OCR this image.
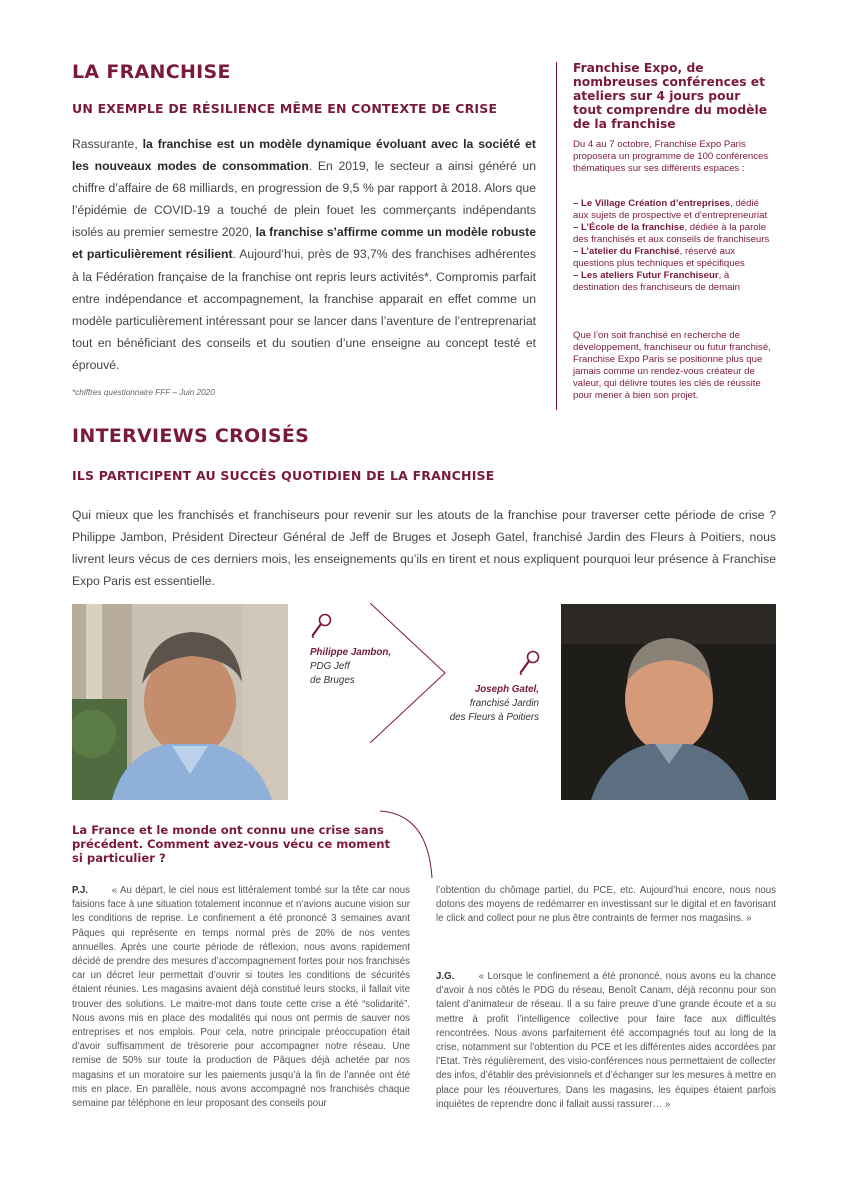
LA FRANCHISE
UN EXEMPLE DE RÉSILIENCE MÊME EN CONTEXTE DE CRISE
Rassurante, la franchise est un modèle dynamique évoluant avec la société et les nouveaux modes de consommation. En 2019, le secteur a ainsi généré un chiffre d’affaire de 68 milliards, en progression de 9,5 % par rapport à 2018. Alors que l’épidémie de COVID-19 a touché de plein fouet les commerçants indépendants isolés au premier semestre 2020, la franchise s’affirme comme un modèle robuste et particulièrement résilient. Aujourd’hui, près de 93,7% des franchises adhérentes à la Fédération française de la franchise ont repris leurs activités*. Compromis parfait entre indépendance et accompagnement, la franchise apparait en effet comme un modèle particulièrement intéressant pour se lancer dans l’aventure de l’entreprenariat tout en bénéficiant des conseils et du soutien d’une enseigne au concept testé et éprouvé.
*chiffres questionnaire FFF – Juin 2020
Franchise Expo, de nombreuses conférences et ateliers sur 4 jours pour tout comprendre du modèle de la franchise
Du 4 au 7 octobre, Franchise Expo Paris proposera un programme de 100 conférences thématiques sur ses différents espaces :
– Le Village Création d’entreprises, dédié aux sujets de prospective et d’entrepreneuriat
– L’École de la franchise, dédiée à la parole des franchisés et aux conseils de franchiseurs
– L’atelier du Franchisé, réservé aux questions plus techniques et spécifiques
– Les ateliers Futur Franchiseur, à destination des franchiseurs de demain
Que l’on soit franchisé en recherche de développement, franchiseur ou futur franchisé, Franchise Expo Paris se positionne plus que jamais comme un rendez-vous créateur de valeur, qui délivre toutes les clés de réussite pour mener à bien son projet.
INTERVIEWS CROISÉS
ILS PARTICIPENT AU SUCCÈS QUOTIDIEN DE LA FRANCHISE
Qui mieux que les franchisés et franchiseurs pour revenir sur les atouts de la franchise pour traverser cette période de crise ? Philippe Jambon, Président Directeur Général de Jeff de Bruges et Joseph Gatel, franchisé Jardin des Fleurs à Poitiers, nous livrent leurs vécus de ces derniers mois, les enseignements qu’ils en tirent et nous expliquent pourquoi leur présence à Franchise Expo Paris est essentielle.
Philippe Jambon,
PDG Jeff
de Bruges
Joseph Gatel,
franchisé Jardin
des Fleurs à Poitiers
La France et le monde ont connu une crise sans précédent. Comment avez-vous vécu ce moment si particulier ?
P.J. « Au départ, le ciel nous est littéralement tombé sur la tête car nous faisions face à une situation totalement inconnue et n’avions aucune vision sur les conditions de reprise. Le confinement a été prononcé 3 semaines avant Pâques qui représente en temps normal près de 20% de nos ventes annuelles. Après une courte période de réflexion, nous avons rapidement décidé de prendre des mesures d’accompagnement fortes pour nos franchisés car un décret leur permettait d’ouvrir si toutes les conditions de sécurités étaient réunies. Les magasins avaient déjà constitué leurs stocks, il fallait vite trouver des solutions. Le maitre-mot dans toute cette crise a été “solidarité”. Nous avons mis en place des modalités qui nous ont permis de sauver nos entreprises et nos emplois. Pour cela, notre principale préoccupation était d’avoir suffisamment de trésorerie pour accompagner notre réseau. Une remise de 50% sur toute la production de Pâques déjà achetée par nos magasins et un moratoire sur les paiements jusqu’à la fin de l’année ont été mis en place. En parallèle, nous avons accompagné nos franchisés chaque semaine par téléphone en leur proposant des conseils pour
l’obtention du chômage partiel, du PCE, etc. Aujourd’hui encore, nous nous dotons des moyens de redémarrer en investissant sur le digital et en favorisant le click and collect pour ne plus être contraints de fermer nos magasins. »
J.G.	« Lorsque le confinement a été prononcé, nous avons eu la chance d’avoir à nos côtés le PDG du réseau, Benoît Canam, déjà reconnu pour son talent d’animateur de réseau. Il a su faire preuve d’une grande écoute et a su mettre à profit l’intelligence collective pour faire face aux difficultés rencontrées. Nous avons parfaitement été accompagnés tout au long de la crise, notamment sur l’obtention du PCE et les différentes aides accordées par l’Etat. Très régulièrement, des visio-conférences nous permettaient de collecter des infos, d’établir des prévisionnels et d’échanger sur les mesures à mettre en place pour les réouvertures. Dans les magasins, les équipes étaient parfois inquiètes de reprendre donc il fallait aussi rassurer… »
